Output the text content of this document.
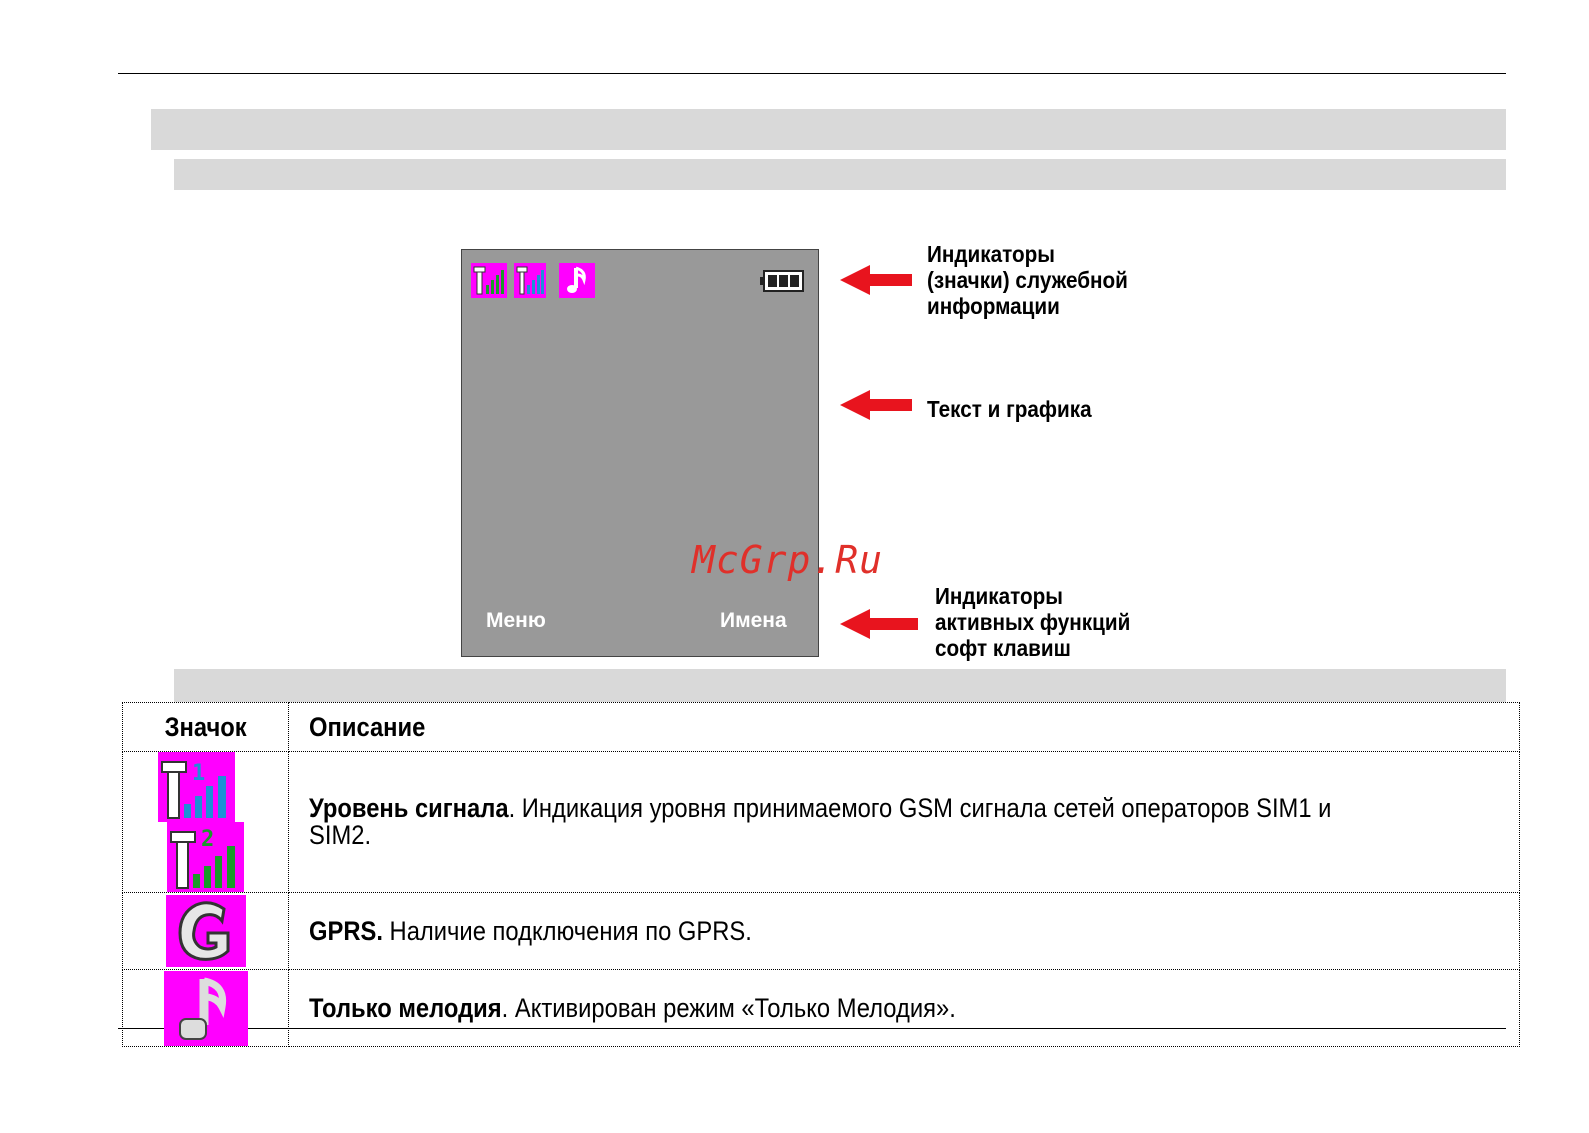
Меню	Имена
McGrp.Ru
Индикаторы
(значки) служебной
информации
Текст и графика
Индикаторы
активных функций
софт клавиш
Значок	Описание

1

2	Уровень сигнала. Индикация уровня принимаемого GSM сигнала сетей операторов SIM1 и SIM2.
	GPRS. Наличие подключения по GPRS.
	Только мелодия. Активирован режим «Только Мелодия».
